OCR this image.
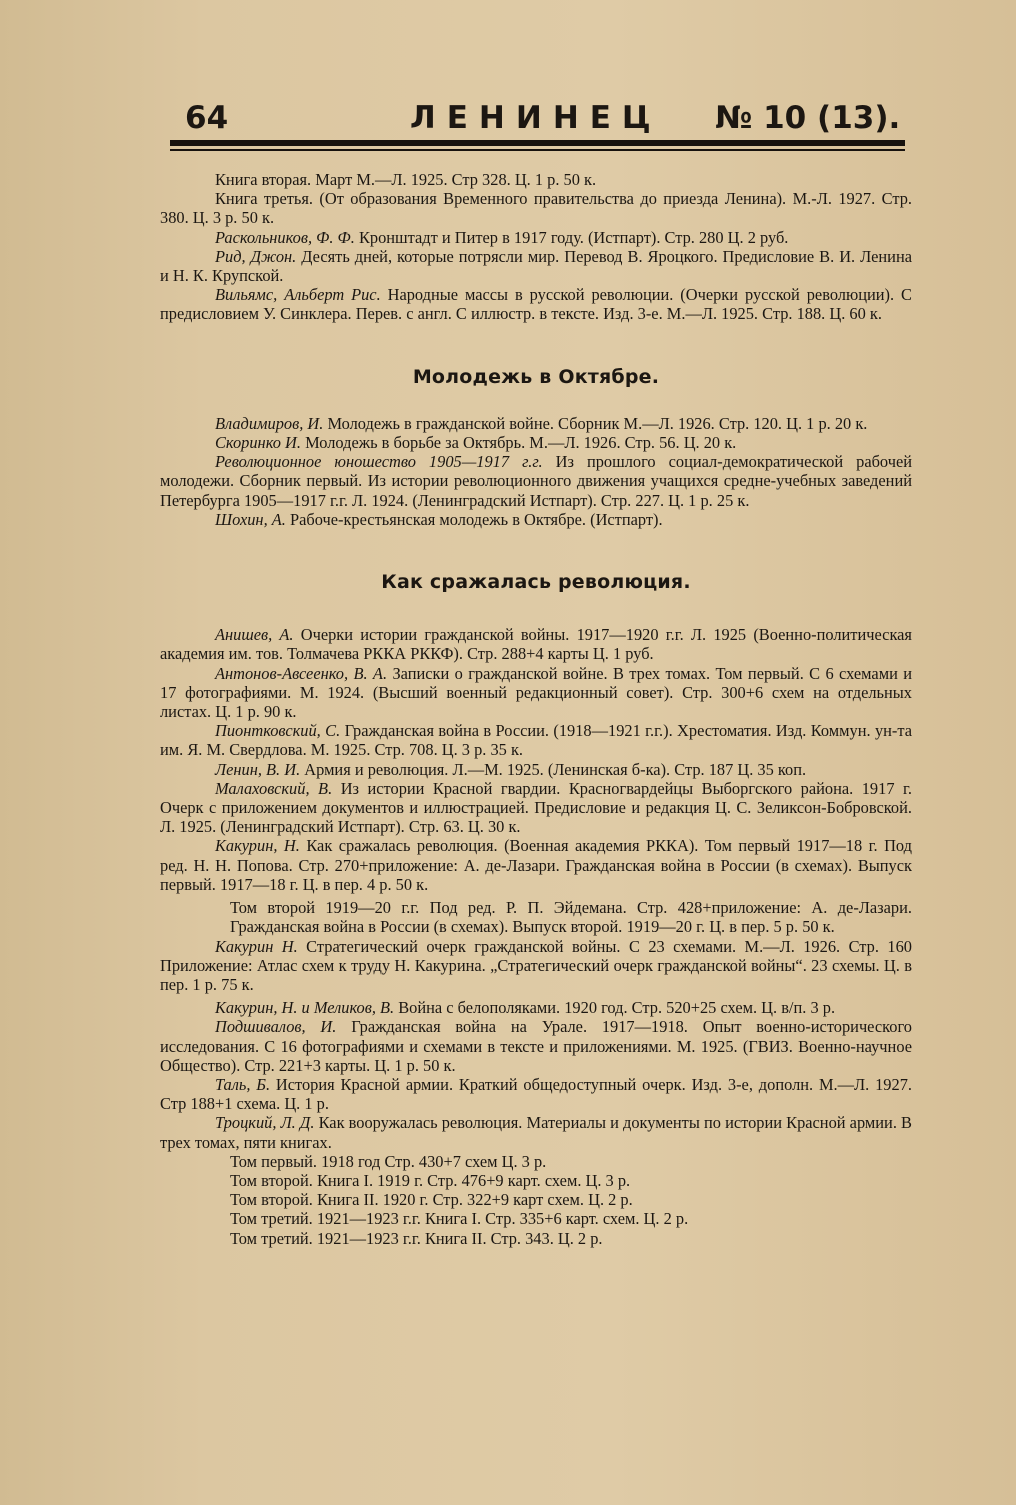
64	ЛЕНИНЕЦ № 10 (13).

Книга вторая. Март М.—Л. 1925. Стр 328. Ц. 1 р. 50 к.

Книга третья. (От образования Временного правительства до приезда Ленина). М.-Л. 1927. Стр. 380. Ц. 3 р. 50 к.

Раскольников, Ф. Ф. Кронштадт и Питер в 1917 году. (Истпарт). Стр. 280 Ц. 2 руб.

Рид, Джон. Десять дней, которые потрясли мир. Перевод В. Яроцкого. Предисловие В. И. Ленина и Н. К. Крупской.

Вильямс, Альберт Рис. Народные массы в русской революции. (Очерки русской революции). С предисловием У. Синклера. Перев. с англ. С иллюстр. в тексте. Изд. 3-е. М.—Л. 1925. Стр. 188. Ц. 60 к.

Молодежь в Октябре.

Владимиров, И. Молодежь в гражданской войне. Сборник М.—Л. 1926. Стр. 120. Ц. 1 р. 20 к.

Скоринко И. Молодежь в борьбе за Октябрь. М.—Л. 1926. Стр. 56. Ц. 20 к.

Революционное юношество 1905—1917 г.г. Из прошлого социал-демократической рабочей молодежи. Сборник первый. Из истории революционного движения учащихся средне-учебных заведений Петербурга 1905—1917 г.г. Л. 1924. (Ленинградский Истпарт). Стр. 227. Ц. 1 р. 25 к.

Шохин, А. Рабоче-крестьянская молодежь в Октябре. (Истпарт).

Как сражалась революция.

Анишев, А. Очерки истории гражданской войны. 1917—1920 г.г. Л. 1925 (Военно-политическая академия им. тов. Толмачева РККА РККФ). Стр. 288+4 карты Ц. 1 руб.

Антонов-Авсеенко, В. А. Записки о гражданской войне. В трех томах. Том первый. С 6 схемами и 17 фотографиями. М. 1924. (Высший военный редакционный совет). Стр. 300+6 схем на отдельных листах. Ц. 1 р. 90 к.

Пионтковский, С. Гражданская война в России. (1918—1921 г.г.). Хрестоматия. Изд. Коммун. ун-та им. Я. М. Свердлова. М. 1925. Стр. 708. Ц. 3 р. 35 к.

Ленин, В. И. Армия и революция. Л.—М. 1925. (Ленинская б-ка). Стр. 187 Ц. 35 коп.

Малаховский, В. Из истории Красной гвардии. Красногвардейцы Выборгского района. 1917 г. Очерк с приложением документов и иллюстрацией. Предисловие и редакция Ц. С. Зеликсон-Бобровской. Л. 1925. (Ленинградский Истпарт). Стр. 63. Ц. 30 к.

Какурин, Н. Как сражалась революция. (Военная академия РККА). Том первый 1917—18 г. Под ред. Н. Н. Попова. Стр. 270+приложение: А. де-Лазари. Гражданская война в России (в схемах). Выпуск первый. 1917—18 г. Ц. в пер. 4 р. 50 к.

Том второй 1919—20 г.г. Под ред. Р. П. Эйдеманa. Стр. 428+приложение: А. де-Лазари. Гражданская война в России (в схемах). Выпуск второй. 1919—20 г. Ц. в пер. 5 р. 50 к.

Какурин Н. Стратегический очерк гражданской войны. С 23 схемами. М.—Л. 1926. Стр. 160 Приложение: Атлас схем к труду Н. Какурина. „Стратегический очерк гражданской войны“. 23 схемы. Ц. в пер. 1 р. 75 к.

Какурин, Н. и Меликов, В. Война с белополяками. 1920 год. Стр. 520+25 схем. Ц. в/п. 3 р.

Подшивалов, И. Гражданская война на Урале. 1917—1918. Опыт военно-исторического исследования. С 16 фотографиями и схемами в тексте и приложениями. М. 1925. (ГВИЗ. Военно-научное Общество). Стр. 221+3 карты. Ц. 1 р. 50 к.

Таль, Б. История Красной армии. Краткий общедоступный очерк. Изд. 3-е, дополн. М.—Л. 1927. Стр 188+1 схема. Ц. 1 р.

Троцкий, Л. Д. Как вооружалась революция. Материалы и документы по истории Красной армии. В трех томах, пяти книгах.

Том первый. 1918 год Стр. 430+7 схем Ц. 3 р.

Том второй. Книга I. 1919 г. Стр. 476+9 карт. схем. Ц. 3 р.

Том второй. Книга II. 1920 г. Стр. 322+9 карт схем. Ц. 2 р.

Том третий. 1921—1923 г.г. Книга I. Стр. 335+6 карт. схем. Ц. 2 р.

Том третий. 1921—1923 г.г. Книга II. Стр. 343. Ц. 2 р.
